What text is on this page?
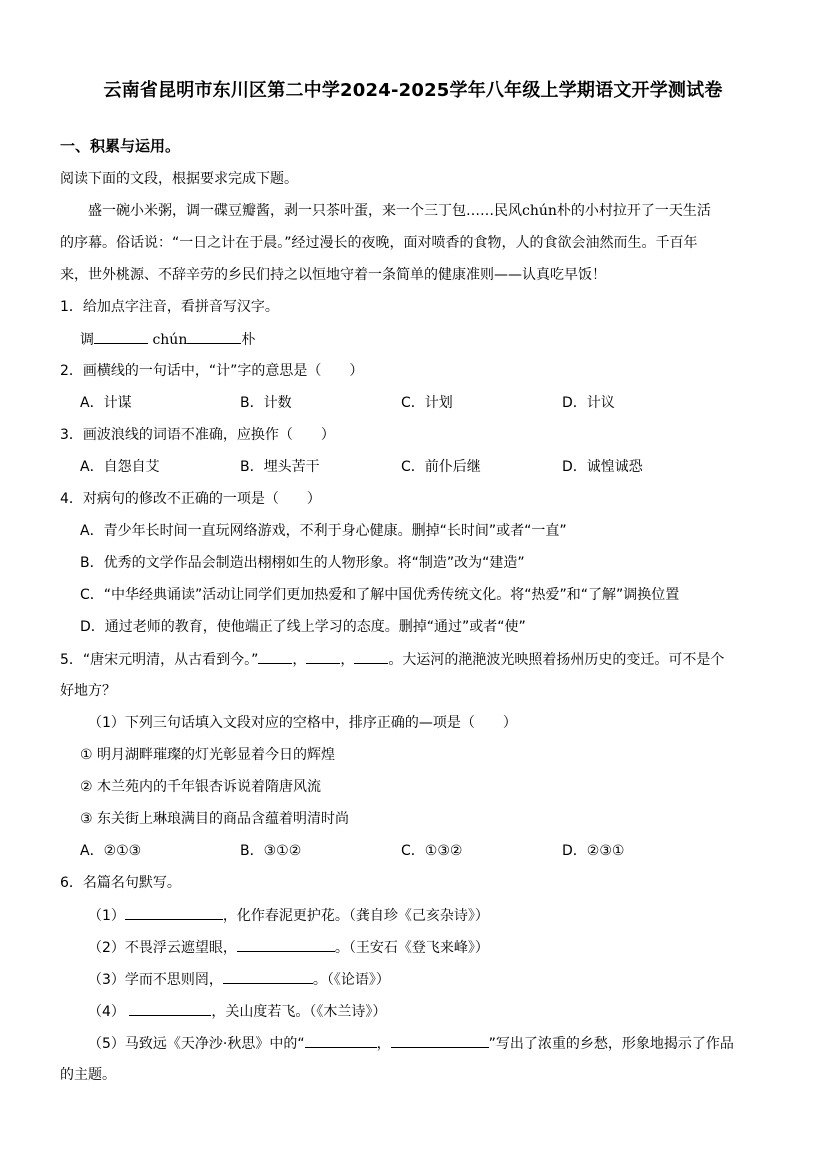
云南省昆明市东川区第二中学2024-2025学年八年级上学期语文开学测试卷
一、积累与运用。
阅读下面的文段，根据要求完成下题。
盛一碗小米粥，调一碟豆瓣酱，剥一只茶叶蛋，来一个三丁包……民风chún朴的小村拉开了一天生活
的序幕。俗话说：“一日之计在于晨。”经过漫长的夜晚，面对喷香的食物，人的食欲会油然而生。千百年
来，世外桃源、不辞辛劳的乡民们持之以恒地守着一条简单的健康准则——认真吃早饭！
1．给加点字注音，看拼音写汉字。
调	chún	朴
2．画横线的一句话中，“计”字的意思是（　　）
A．计谋	B．计数	C．计划	D．计议
3．画波浪线的词语不准确，应换作（　　）
A．自怨自艾	B．埋头苦干	C．前仆后继	D．诚惶诚恐
4．对病句的修改不正确的一项是（　　）
A．青少年长时间一直玩网络游戏，不利于身心健康。删掉“长时间”或者“一直”
B．优秀的文学作品会制造出栩栩如生的人物形象。将“制造”改为“建造”
C．“中华经典诵读”活动让同学们更加热爱和了解中国优秀传统文化。将“热爱”和“了解”调换位置
D．通过老师的教育，使他端正了线上学习的态度。删掉“通过”或者“使”
5．“唐宋元明清，从古看到今。” ， ， 。大运河的滟滟波光映照着扬州历史的变迁。可不是个
好地方？
（1）下列三句话填入文段对应的空格中，排序正确的—项是（　　）
① 明月湖畔璀璨的灯光彰显着今日的辉煌
② 木兰苑内的千年银杏诉说着隋唐风流
③ 东关街上琳琅满目的商品含蕴着明清时尚
A．②①③	B．③①②	C．①③②	D．②③①
6．名篇名句默写。
（1）	，化作春泥更护花。（龚自珍《己亥杂诗》）
（2）不畏浮云遮望眼，	。（王安石《登飞来峰》）
（3）学而不思则罔，	。（《论语》）
（4）	，关山度若飞。（《木兰诗》）
（5）马致远《天净沙·秋思》中的“	，	”写出了浓重的乡愁，形象地揭示了作品
的主题。
